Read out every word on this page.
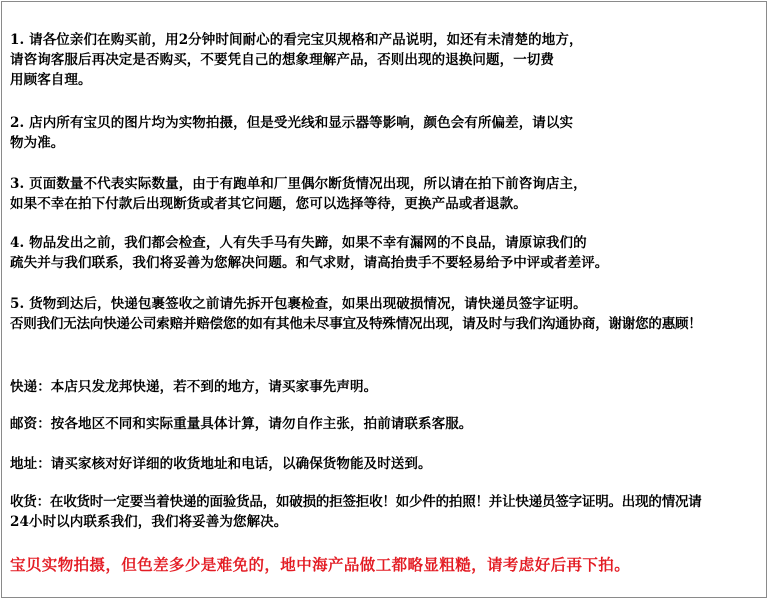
1. 请各位亲们在购买前，用2分钟时间耐心的看完宝贝规格和产品说明，如还有未清楚的地方，
请咨询客服后再决定是否购买，不要凭自己的想象理解产品，否则出现的退换问题，一切费
用顾客自理。
2. 店内所有宝贝的图片均为实物拍摄，但是受光线和显示器等影响，颜色会有所偏差，请以实
物为准。
3. 页面数量不代表实际数量，由于有跑单和厂里偶尔断货情况出现，所以请在拍下前咨询店主，
如果不幸在拍下付款后出现断货或者其它问题，您可以选择等待，更换产品或者退款。
4. 物品发出之前，我们都会检查，人有失手马有失蹄，如果不幸有漏网的不良品，请原谅我们的
疏失并与我们联系，我们将妥善为您解决问题。和气求财，请高抬贵手不要轻易给予中评或者差评。
5. 货物到达后，快递包裹签收之前请先拆开包裹检查，如果出现破损情况，请快递员签字证明。
否则我们无法向快递公司索赔并赔偿您的如有其他未尽事宜及特殊情况出现，请及时与我们沟通协商，谢谢您的惠顾！
快递：本店只发龙邦快递，若不到的地方，请买家事先声明。
邮资：按各地区不同和实际重量具体计算，请勿自作主张，拍前请联系客服。
地址：请买家核对好详细的收货地址和电话，以确保货物能及时送到。
收货：在收货时一定要当着快递的面验货品，如破损的拒签拒收！如少件的拍照！并让快递员签字证明。出现的情况请
24小时以内联系我们，我们将妥善为您解决。
宝贝实物拍摄，但色差多少是难免的，地中海产品做工都略显粗糙，请考虑好后再下拍。
